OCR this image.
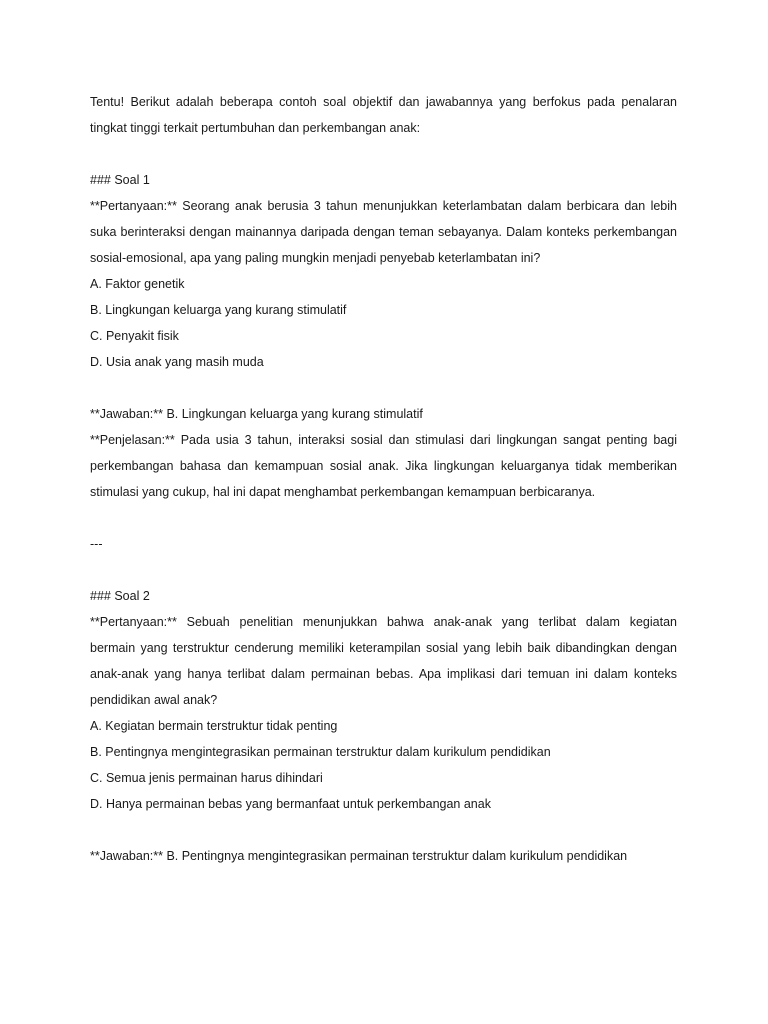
Tentu! Berikut adalah beberapa contoh soal objektif dan jawabannya yang berfokus pada penalaran
tingkat tinggi terkait pertumbuhan dan perkembangan anak:
### Soal 1
**Pertanyaan:** Seorang anak berusia 3 tahun menunjukkan keterlambatan dalam berbicara dan lebih
suka berinteraksi dengan mainannya daripada dengan teman sebayanya. Dalam konteks perkembangan
sosial-emosional, apa yang paling mungkin menjadi penyebab keterlambatan ini?
A. Faktor genetik
B. Lingkungan keluarga yang kurang stimulatif
C. Penyakit fisik
D. Usia anak yang masih muda
**Jawaban:** B. Lingkungan keluarga yang kurang stimulatif
**Penjelasan:** Pada usia 3 tahun, interaksi sosial dan stimulasi dari lingkungan sangat penting bagi
perkembangan bahasa dan kemampuan sosial anak. Jika lingkungan keluarganya tidak memberikan
stimulasi yang cukup, hal ini dapat menghambat perkembangan kemampuan berbicaranya.
---
### Soal 2
**Pertanyaan:** Sebuah penelitian menunjukkan bahwa anak-anak yang terlibat dalam kegiatan
bermain yang terstruktur cenderung memiliki keterampilan sosial yang lebih baik dibandingkan dengan
anak-anak yang hanya terlibat dalam permainan bebas. Apa implikasi dari temuan ini dalam konteks
pendidikan awal anak?
A. Kegiatan bermain terstruktur tidak penting
B. Pentingnya mengintegrasikan permainan terstruktur dalam kurikulum pendidikan
C. Semua jenis permainan harus dihindari
D. Hanya permainan bebas yang bermanfaat untuk perkembangan anak
**Jawaban:** B. Pentingnya mengintegrasikan permainan terstruktur dalam kurikulum pendidikan
